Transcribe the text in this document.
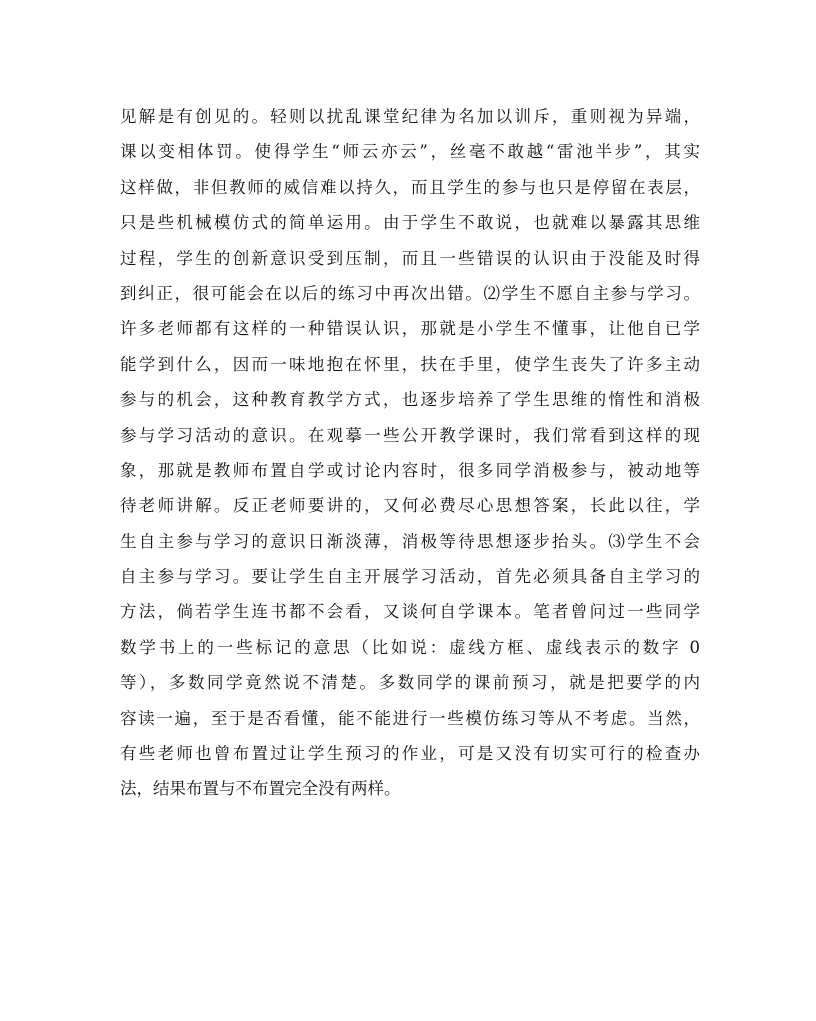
见解是有创见的。轻则以扰乱课堂纪律为名加以训斥，重则视为异端，
课以变相体罚。使得学生“师云亦云”，丝毫不敢越“雷池半步”，其实
这样做，非但教师的威信难以持久，而且学生的参与也只是停留在表层，
只是些机械模仿式的简单运用。由于学生不敢说，也就难以暴露其思维
过程，学生的创新意识受到压制，而且一些错误的认识由于没能及时得
到纠正，很可能会在以后的练习中再次出错。⑵学生不愿自主参与学习。
许多老师都有这样的一种错误认识，那就是小学生不懂事，让他自已学
能学到什么，因而一味地抱在怀里，扶在手里，使学生丧失了许多主动
参与的机会，这种教育教学方式，也逐步培养了学生思维的惰性和消极
参与学习活动的意识。在观摹一些公开教学课时，我们常看到这样的现
象，那就是教师布置自学或讨论内容时，很多同学消极参与，被动地等
待老师讲解。反正老师要讲的，又何必费尽心思想答案，长此以往，学
生自主参与学习的意识日渐淡薄，消极等待思想逐步抬头。⑶学生不会
自主参与学习。要让学生自主开展学习活动，首先必须具备自主学习的
方法，倘若学生连书都不会看，又谈何自学课本。笔者曾问过一些同学
数学书上的一些标记的意思（比如说：虚线方框、虚线表示的数字 0
等），多数同学竟然说不清楚。多数同学的课前预习，就是把要学的内
容读一遍，至于是否看懂，能不能进行一些模仿练习等从不考虑。当然，
有些老师也曾布置过让学生预习的作业，可是又没有切实可行的检查办
法，结果布置与不布置完全没有两样。
